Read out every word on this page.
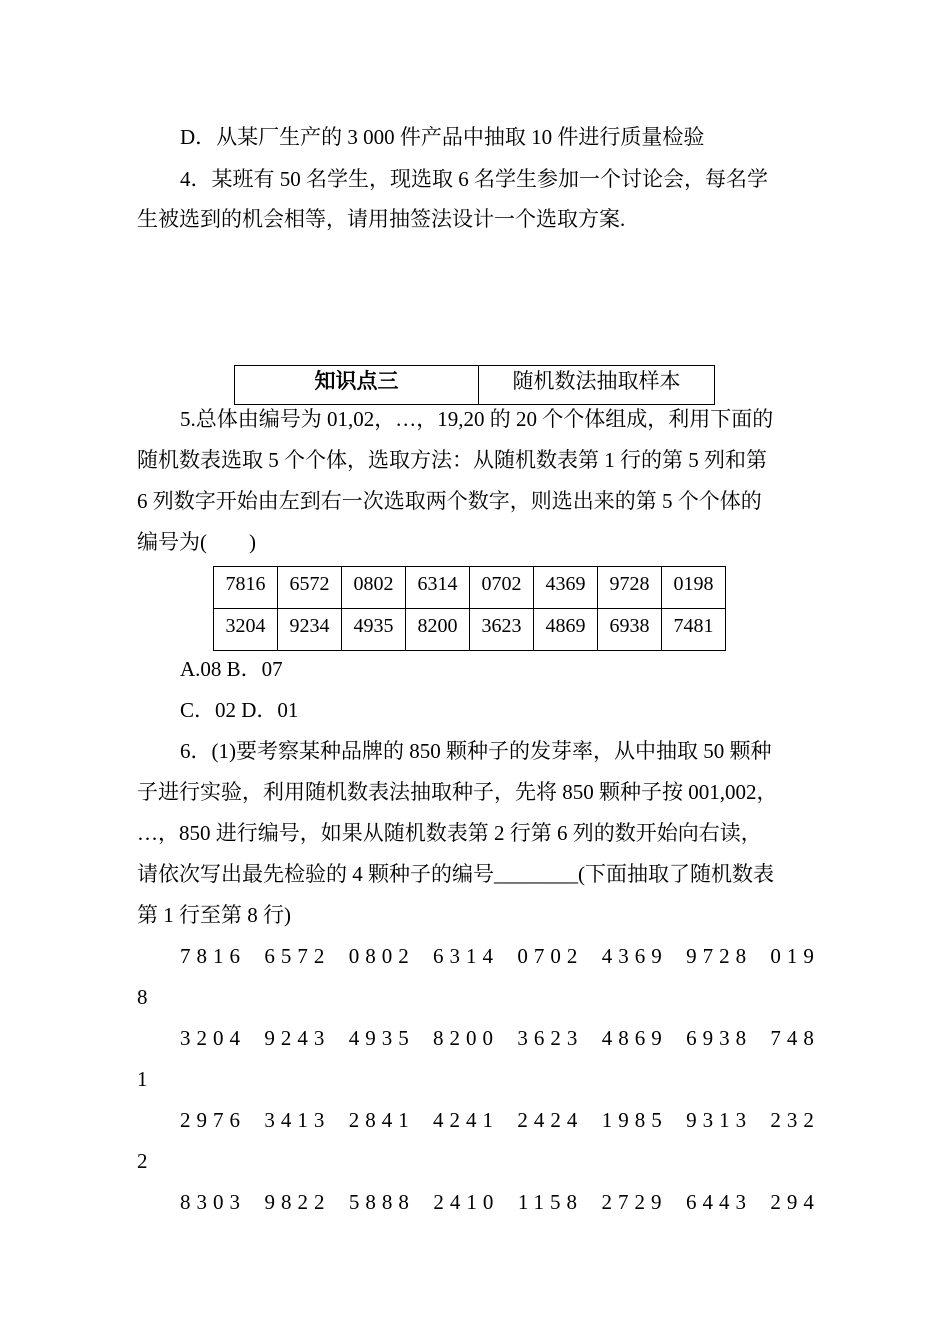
D．从某厂生产的 3 000 件产品中抽取 10 件进行质量检验
4．某班有 50 名学生，现选取 6 名学生参加一个讨论会，每名学
生被选到的机会相等，请用抽签法设计一个选取方案.
知识点三	随机数法抽取样本
5.总体由编号为 01,02，…，19,20 的 20 个个体组成，利用下面的
随机数表选取 5 个个体，选取方法：从随机数表第 1 行的第 5 列和第
6 列数字开始由左到右一次选取两个数字，则选出来的第 5 个个体的
编号为(　　)
7816	6572	0802	6314	0702	4369	9728	0198
3204	9234	4935	8200	3623	4869	6938	7481
A.08 B．07
C．02 D．01
6．(1)要考察某种品牌的 850 颗种子的发芽率，从中抽取 50 颗种
子进行实验，利用随机数表法抽取种子，先将 850 颗种子按 001,002，
…，850 进行编号，如果从随机数表第 2 行第 6 列的数开始向右读，
请依次写出最先检验的 4 颗种子的编号________(下面抽取了随机数表
第 1 行至第 8 行)
7816 6572 0802 6314 0702 4369 9728 019
8
3204 9243 4935 8200 3623 4869 6938 748
1
2976 3413 2841 4241 2424 1985 9313 232
2
8303 9822 5888 2410 1158 2729 6443 294
